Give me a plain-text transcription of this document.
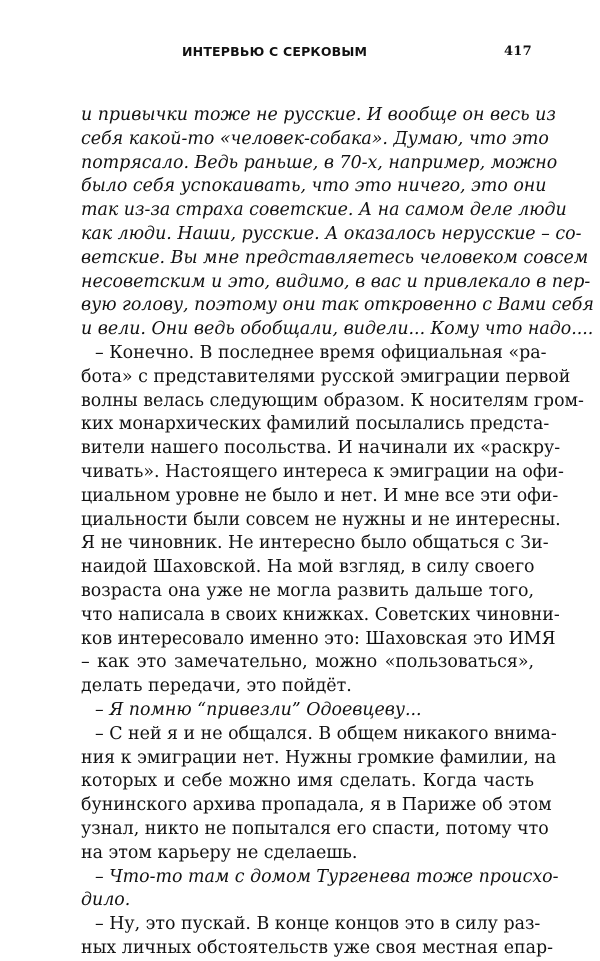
ИНТЕРВЬЮ С СЕРКОВЫМ	417
и привычки тоже не русские. И вообще он весь из
себя какой-то «человек-собака». Думаю, что это
потрясало. Ведь раньше, в 70-х, например, можно
было себя успокаивать, что это ничего, это они
так из-за страха советские. А на самом деле люди
как люди. Наши, русские. А оказалось нерусские – со-
ветские. Вы мне представляетесь человеком совсем
несоветским и это, видимо, в вас и привлекало в пер-
вую голову, поэтому они так откровенно с Вами себя
и вели. Они ведь обобщали, видели... Кому что надо....
– Конечно. В последнее время официальная «ра-
бота» с представителями русской эмиграции первой
волны велась следующим образом. К носителям гром-
ких монархических фамилий посылались предста-
вители нашего посольства. И начинали их «раскру-
чивать». Настоящего интереса к эмиграции на офи-
циальном уровне не было и нет. И мне все эти офи-
циальности были совсем не нужны и не интересны.
Я не чиновник. Не интересно было общаться с Зи-
наидой Шаховской. На мой взгляд, в силу своего
возраста она уже не могла развить дальше того,
что написала в своих книжках. Советских чиновни-
ков интересовало именно это: Шаховская это ИМЯ
– как это замечательно, можно «пользоваться»,
делать передачи, это пойдёт.
– Я помню “привезли” Одоевцеву...
– С ней я и не общался. В общем никакого внима-
ния к эмиграции нет. Нужны громкие фамилии, на
которых и себе можно имя сделать. Когда часть
бунинского архива пропадала, я в Париже об этом
узнал, никто не попытался его спасти, потому что
на этом карьеру не сделаешь.
– Что-то там с домом Тургенева тоже происхо-
дило.
– Ну, это пускай. В конце концов это в силу раз-
ных личных обстоятельств уже своя местная епар-
